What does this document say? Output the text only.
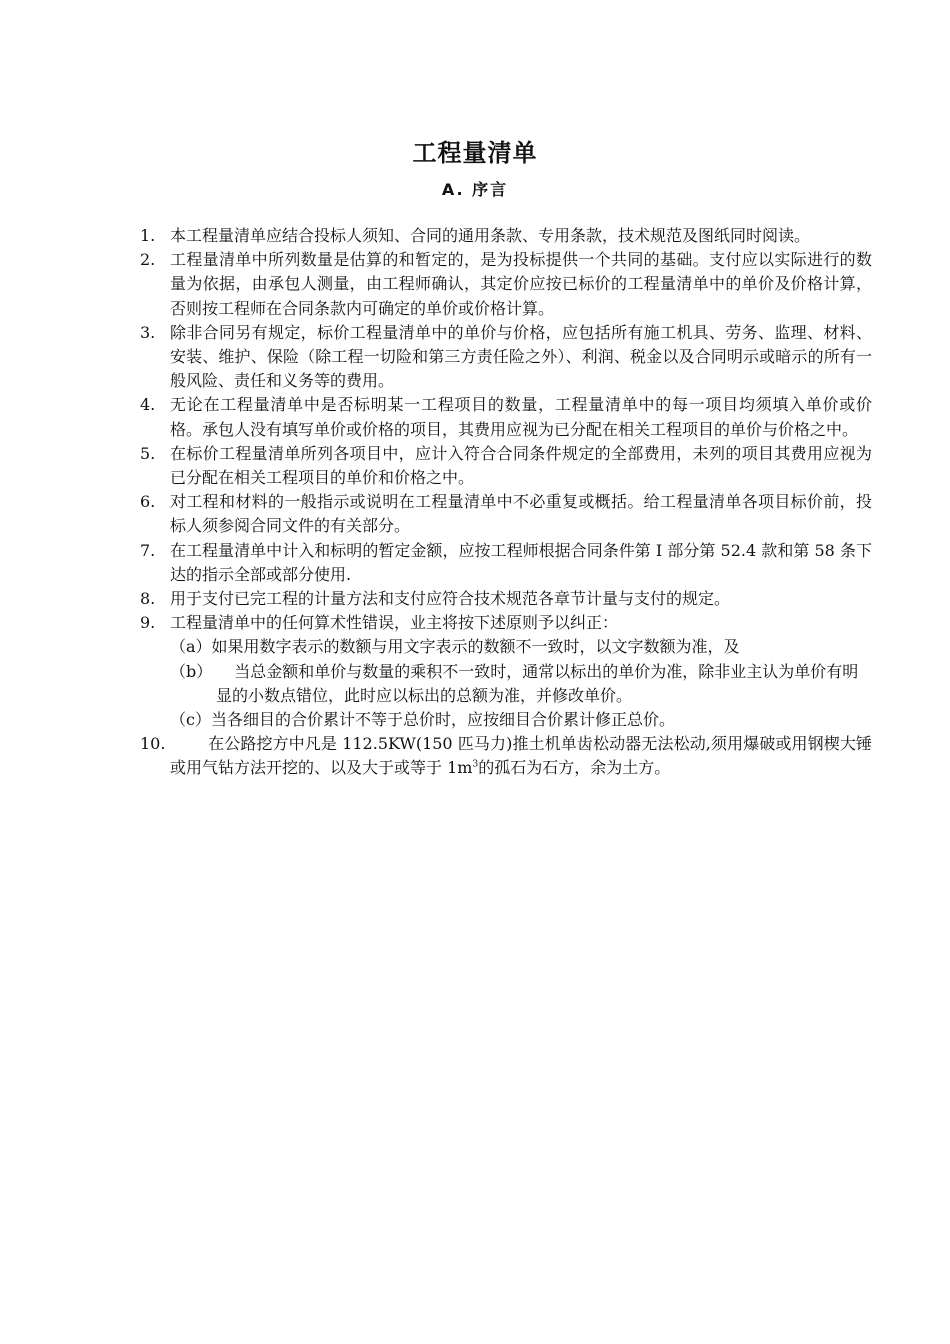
工程量清单
A. 序言
1. 本工程量清单应结合投标人须知、合同的通用条款、专用条款，技术规范及图纸同时阅读。
2. 工程量清单中所列数量是估算的和暂定的，是为投标提供一个共同的基础。支付应以实际进行的数量为依据，由承包人测量，由工程师确认，其定价应按已标价的工程量清单中的单价及价格计算，否则按工程师在合同条款内可确定的单价或价格计算。
3. 除非合同另有规定，标价工程量清单中的单价与价格，应包括所有施工机具、劳务、监理、材料、安装、维护、保险（除工程一切险和第三方责任险之外）、利润、税金以及合同明示或暗示的所有一般风险、责任和义务等的费用。
4. 无论在工程量清单中是否标明某一工程项目的数量，工程量清单中的每一项目均须填入单价或价格。承包人没有填写单价或价格的项目，其费用应视为已分配在相关工程项目的单价与价格之中。
5. 在标价工程量清单所列各项目中，应计入符合合同条件规定的全部费用，未列的项目其费用应视为已分配在相关工程项目的单价和价格之中。
6. 对工程和材料的一般指示或说明在工程量清单中不必重复或概括。给工程量清单各项目标价前，投标人须参阅合同文件的有关部分。
7. 在工程量清单中计入和标明的暂定金额，应按工程师根据合同条件第 I 部分第 52.4 款和第 58 条下达的指示全部或部分使用.
8. 用于支付已完工程的计量方法和支付应符合技术规范各章节计量与支付的规定。
9. 工程量清单中的任何算术性错误，业主将按下述原则予以纠正：
（a）如果用数字表示的数额与用文字表示的数额不一致时，以文字数额为准，及
（b） 当总金额和单价与数量的乘积不一致时，通常以标出的单价为准，除非业主认为单价有明显的小数点错位，此时应以标出的总额为准，并修改单价。
（c）当各细目的合价累计不等于总价时，应按细目合价累计修正总价。
10.	在公路挖方中凡是 112.5KW(150 匹马力)推土机单齿松动器无法松动,须用爆破或用钢楔大锤或用气钻方法开挖的、以及大于或等于 $1m^3$的孤石为石方，余为土方。
